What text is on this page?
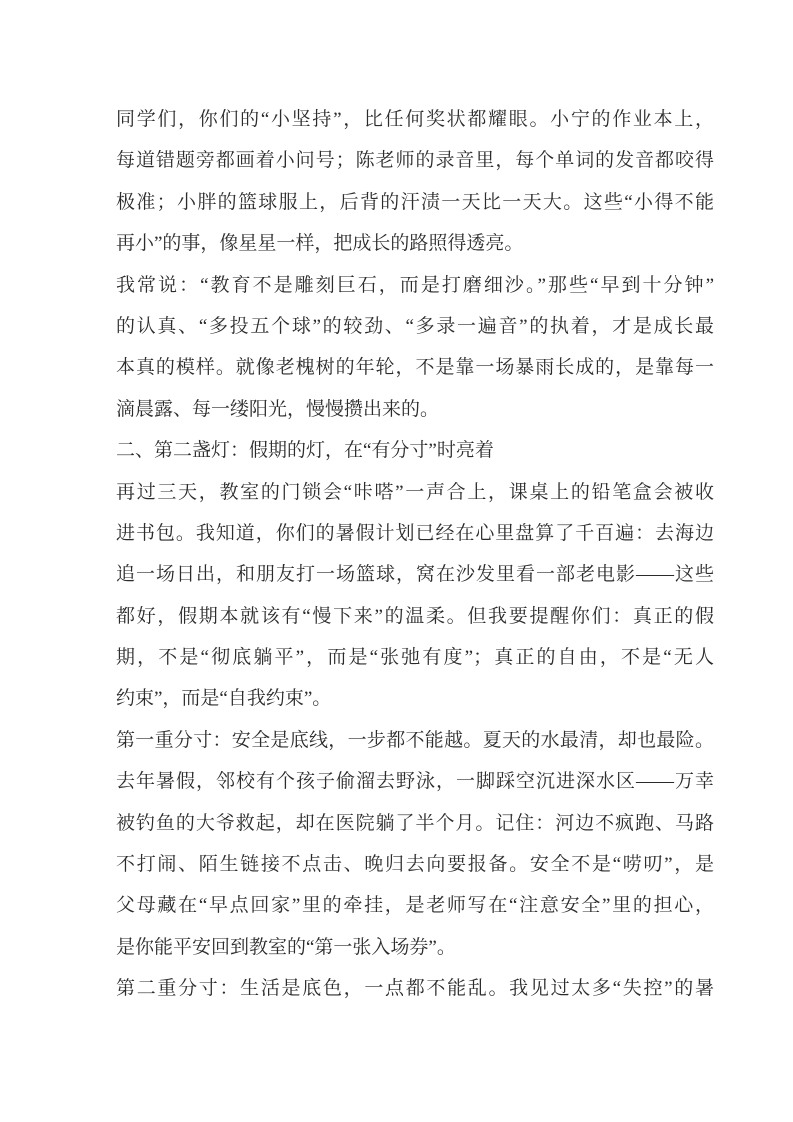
同学们，你们的“小坚持”，比任何奖状都耀眼。小宁的作业本上，
每道错题旁都画着小问号；陈老师的录音里，每个单词的发音都咬得
极准；小胖的篮球服上，后背的汗渍一天比一天大。这些“小得不能
再小”的事，像星星一样，把成长的路照得透亮。
我常说：“教育不是雕刻巨石，而是打磨细沙。”那些“早到十分钟”
的认真、“多投五个球”的较劲、“多录一遍音”的执着，才是成长最
本真的模样。就像老槐树的年轮，不是靠一场暴雨长成的，是靠每一
滴晨露、每一缕阳光，慢慢攒出来的。
二、第二盏灯：假期的灯，在“有分寸”时亮着
再过三天，教室的门锁会“咔嗒”一声合上，课桌上的铅笔盒会被收
进书包。我知道，你们的暑假计划已经在心里盘算了千百遍：去海边
追一场日出，和朋友打一场篮球，窝在沙发里看一部老电影——这些
都好，假期本就该有“慢下来”的温柔。但我要提醒你们：真正的假
期，不是“彻底躺平”，而是“张弛有度”；真正的自由，不是“无人
约束”，而是“自我约束”。
第一重分寸：安全是底线，一步都不能越。夏天的水最清，却也最险。
去年暑假，邻校有个孩子偷溜去野泳，一脚踩空沉进深水区——万幸
被钓鱼的大爷救起，却在医院躺了半个月。记住：河边不疯跑、马路
不打闹、陌生链接不点击、晚归去向要报备。安全不是“唠叨”，是
父母藏在“早点回家”里的牵挂，是老师写在“注意安全”里的担心，
是你能平安回到教室的“第一张入场券”。
第二重分寸：生活是底色，一点都不能乱。我见过太多“失控”的暑
